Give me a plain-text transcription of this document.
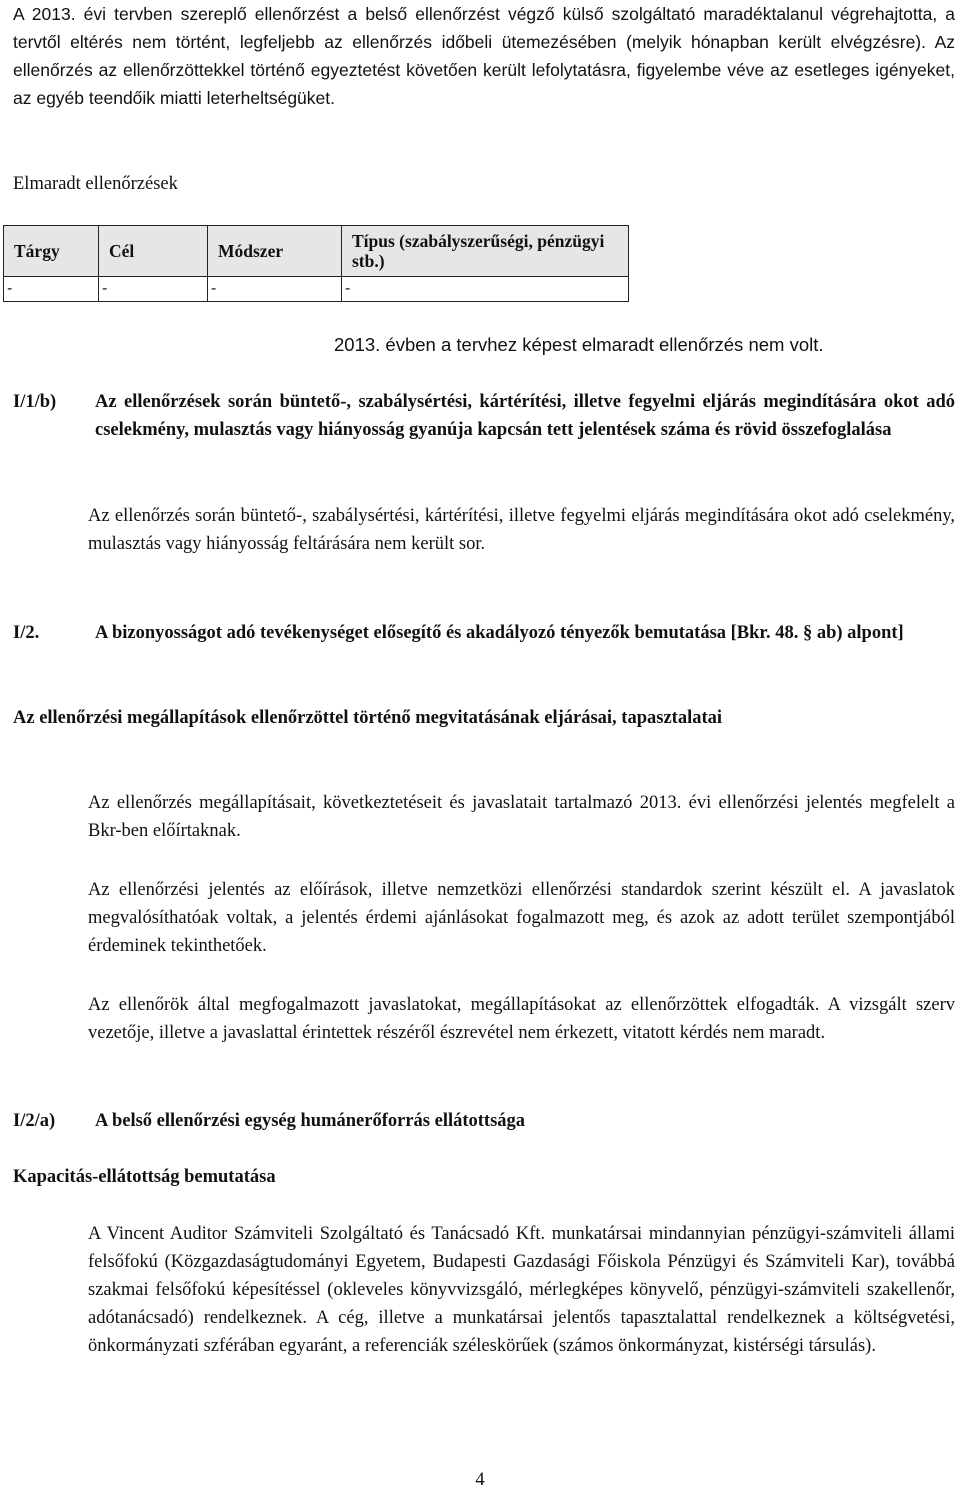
A 2013. évi tervben szereplő ellenőrzést a belső ellenőrzést végző külső szolgáltató maradéktalanul végrehajtotta, a tervtől eltérés nem történt, legfeljebb az ellenőrzés időbeli ütemezésében (melyik hónapban került elvégzésre). Az ellenőrzés az ellenőrzöttekkel történő egyeztetést követően került lefolytatásra, figyelembe véve az esetleges igényeket, az egyéb teendőik miatti leterheltségüket.

Elmaradt ellenőrzések

Tárgy	Cél	Módszer	Típus (szabályszerűségi, pénzügyi stb.)
-	-	-	-

2013. évben a tervhez képest elmaradt ellenőrzés nem volt.

I/1/b) Az ellenőrzések során büntető-, szabálysértési, kártérítési, illetve fegyelmi eljárás megindítására okot adó cselekmény, mulasztás vagy hiányosság gyanúja kapcsán tett jelentések száma és rövid összefoglalása

Az ellenőrzés során büntető-, szabálysértési, kártérítési, illetve fegyelmi eljárás megindítására okot adó cselekmény, mulasztás vagy hiányosság feltárására nem került sor.

I/2.	A bizonyosságot adó tevékenységet elősegítő és akadályozó tényezők bemutatása [Bkr. 48. § ab) alpont]

Az ellenőrzési megállapítások ellenőrzöttel történő megvitatásának eljárásai, tapasztalatai

Az ellenőrzés megállapításait, következtetéseit és javaslatait tartalmazó 2013. évi ellenőrzési jelentés megfelelt a Bkr-ben előírtaknak.

Az ellenőrzési jelentés az előírások, illetve nemzetközi ellenőrzési standardok szerint készült el. A javaslatok megvalósíthatóak voltak, a jelentés érdemi ajánlásokat fogalmazott meg, és azok az adott terület szempontjából érdeminek tekinthetőek.

Az ellenőrök által megfogalmazott javaslatokat, megállapításokat az ellenőrzöttek elfogadták. A vizsgált szerv vezetője, illetve a javaslattal érintettek részéről észrevétel nem érkezett, vitatott kérdés nem maradt.

I/2/a) A belső ellenőrzési egység humánerőforrás ellátottsága

Kapacitás-ellátottság bemutatása

A Vincent Auditor Számviteli Szolgáltató és Tanácsadó Kft. munkatársai mindannyian pénzügyi-számviteli állami felsőfokú (Közgazdaságtudományi Egyetem, Budapesti Gazdasági Főiskola Pénzügyi és Számviteli Kar), továbbá szakmai felsőfokú képesítéssel (okleveles könyvvizsgáló, mérlegképes könyvelő, pénzügyi-számviteli szakellenőr, adótanácsadó) rendelkeznek. A cég, illetve a munkatársai jelentős tapasztalattal rendelkeznek a költségvetési, önkormányzati szférában egyaránt, a referenciák széleskörűek (számos önkormányzat, kistérségi társulás).

4
